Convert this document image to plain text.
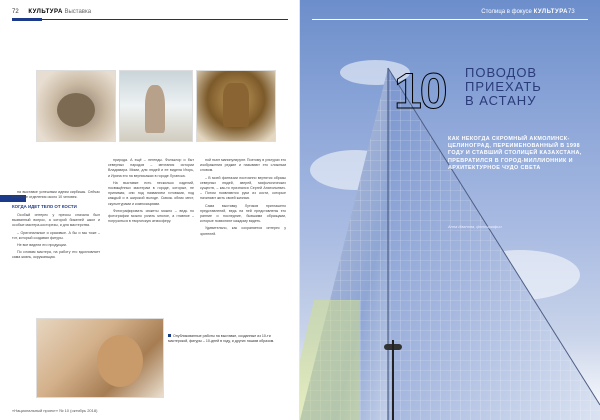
72 КУЛЬТУРА Выставка

на выставке успешным идеям кирбишы. Сейчас в составе отделения около 10 человек.

КОГДА ИДЕТ ТЕЛО ОТ КОСТИ

Особый интерес у прессы сначала был вызванный вопрос, а которой бижелей школ и особые мастера-косторезы, и для мастерства.

– Оригинальные и красивые. А бы и мы тоже – тот, который создавал фигуры.

Не все видели его продукции.

По словам мастера, на работу его вдохновляет сама жизнь, окружающая.

природа. А ещё – легенды. Фольклор и быт северных народов – мечтания истории Владимира. Мими, для людей и ее видела Игорь, и Ирина его на вернисажах в городе Луганска.

На выставке есть несколько изделий, посвящённых мастерам в городе, которые, не принимая, они под названием готовыми, под каждый и в широкой выгоде. Сквозь облик мест, скульптурами и композициями.

Фотографировать сюжеты можно – ведь по фотографии можно узнать многое, а главное – погрузиться в творческую атмосферу.

ной пьют манипулируют. Поэтому в ультурах его изображения редкие и называют это сложным словом.

– В моей фантазии постоянно вертятся образы северных людей, зверей, мифологических существ, – как-то признался Сергей Анатольевич. – Потом появляются руки из кости, которые начинают жить своей жизнью.

Сама выставку Лутиков приглашено представлений, ведь на ней представлены его ранние и последние, бывшими образцами, которые позволяют каждому видеть.

Удивительно, как сохраняется интерес у зрителей.

Опубликованные работы на выставке, созданные из 10-ти мастерской, фигуры – 10-дней в году, и других нашим образом.
«Национальный проект» № 10 (октябрь 2018)
Столица в фокусе КУЛЬТУРА 73
10 ПОВОДОВ
ПРИЕХАТЬ
В АСТАНУ
КАК НЕКОГДА СКРОМНЫЙ АКМОЛИНСК-ЦЕЛИНОГРАД, ПЕРЕИМЕНОВАННЫЙ В 1998 ГОДУ И СТАВШИЙ СТОЛИЦЕЙ КАЗАХСТАНА, ПРЕВРАТИЛСЯ В ГОРОД-МИЛЛИОННИК И АРХИТЕКТУРНОЕ ЧУДО СВЕТА
Анна Иванова, фотографии
